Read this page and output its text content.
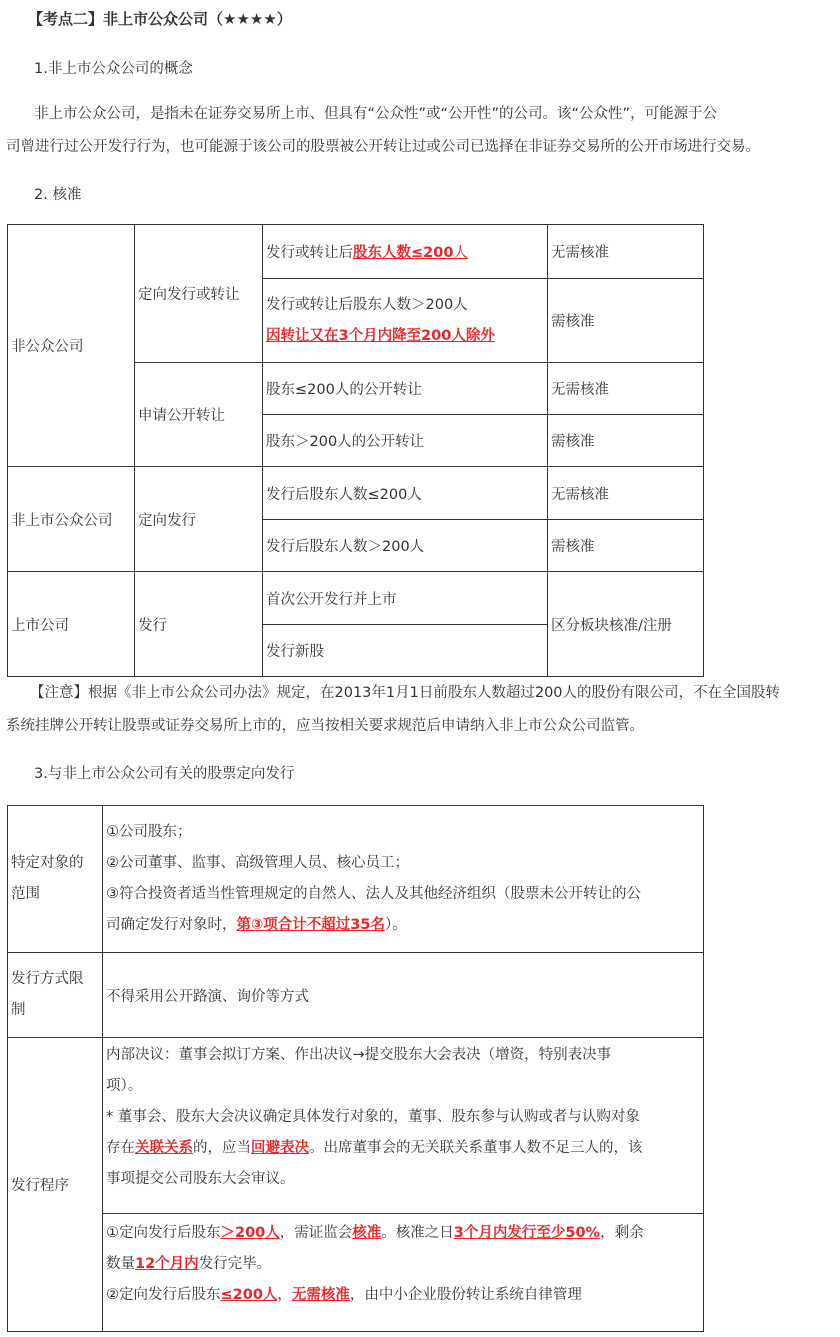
【考点二】非上市公众公司（★★★★）
1.非上市公众公司的概念
非上市公众公司，是指未在证券交易所上市、但具有“公众性”或“公开性”的公司。该“公众性”，可能源于公
司曾进行过公开发行行为，也可能源于该公司的股票被公开转让过或公司已选择在非证券交易所的公开市场进行交易。
2. 核准
非公众公司	定向发行或转让	发行或转让后股东人数≤200人	无需核准

		发行或转让后股东人数＞200人
因转让又在3个月内降至200人除外	需核准
	申请公开转让	股东≤200人的公开转让	无需核准
		股东＞200人的公开转让	需核准
非上市公众公司	定向发行	发行后股东人数≤200人	无需核准
		发行后股东人数＞200人	需核准
上市公司	发行	首次公开发行并上市	区分板块核准/注册
		发行新股	
【注意】根据《非上市公众公司办法》规定，在2013年1月1日前股东人数超过200人的股份有限公司，不在全国股转
系统挂牌公开转让股票或证券交易所上市的，应当按相关要求规范后申请纳入非上市公众公司监管。
3.与非上市公众公司有关的股票定向发行
特定对象的范围	①公司股东；
②公司董事、监事、高级管理人员、核心员工；
③符合投资者适当性管理规定的自然人、法人及其他经济组织（股票未公开转让的公
司确定发行对象时，第③项合计不超过35名）。

发行方式限制	不得采用公开路演、询价等方式
发行程序	内部决议：董事会拟订方案、作出决议→提交股东大会表决（增资，特别表决事
项）。
* 董事会、股东大会决议确定具体发行对象的，董事、股东参与认购或者与认购对象
存在关联关系的，应当回避表决。出席董事会的无关联关系董事人数不足三人的，该
事项提交公司股东大会审议。

	①定向发行后股东＞200人，需证监会核准。核准之日3个月内发行至少50%，剩余
数量12个月内发行完毕。
②定向发行后股东≤200人，无需核准，由中小企业股份转让系统自律管理
